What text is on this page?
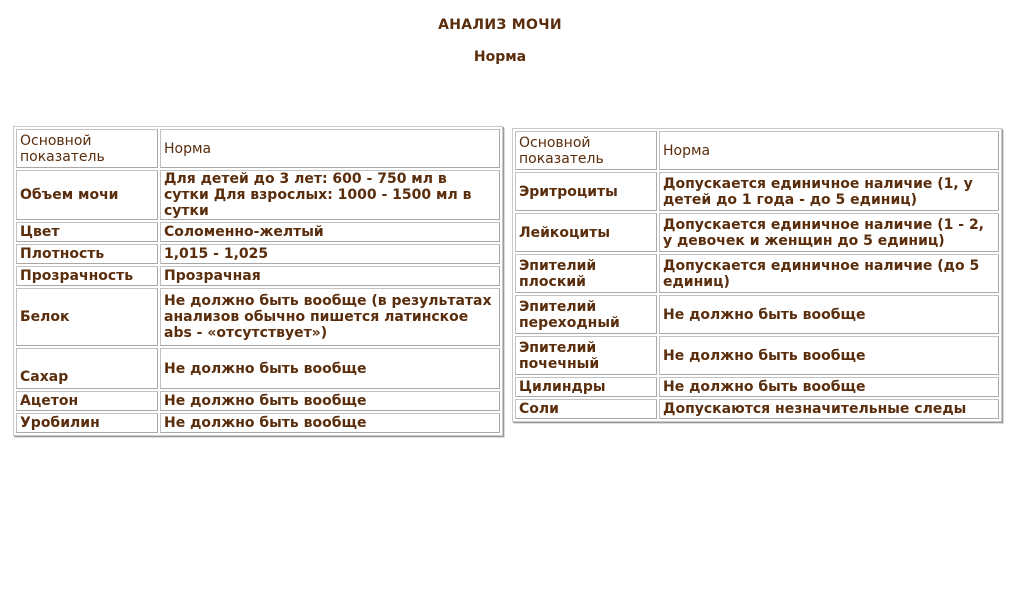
АНАЛИЗ МОЧИ
Норма
Основной показатель	Норма
Объем мочи	Для детей до 3 лет: 600 - 750 мл в сутки Для взрослых: 1000 - 1500 мл в сутки
Цвет	Соломенно-желтый
Плотность	1,015 - 1,025
Прозрачность	Прозрачная
Белок	Не должно быть вообще (в результатах анализов обычно пишется латинское abs - «отсутствует»)
Сахар	Не должно быть вообще
Ацетон	Не должно быть вообще
Уробилин	Не должно быть вообще
Основной показатель	Норма
Эритроциты	Допускается единичное наличие (1, у детей до 1 года - до 5 единиц)
Лейкоциты	Допускается единичное наличие (1 - 2, у девочек и женщин до 5 единиц)
Эпителий плоский	Допускается единичное наличие (до 5 единиц)
Эпителий переходный	Не должно быть вообще
Эпителий почечный	Не должно быть вообще
Цилиндры	Не должно быть вообще
Соли	Допускаются незначительные следы
